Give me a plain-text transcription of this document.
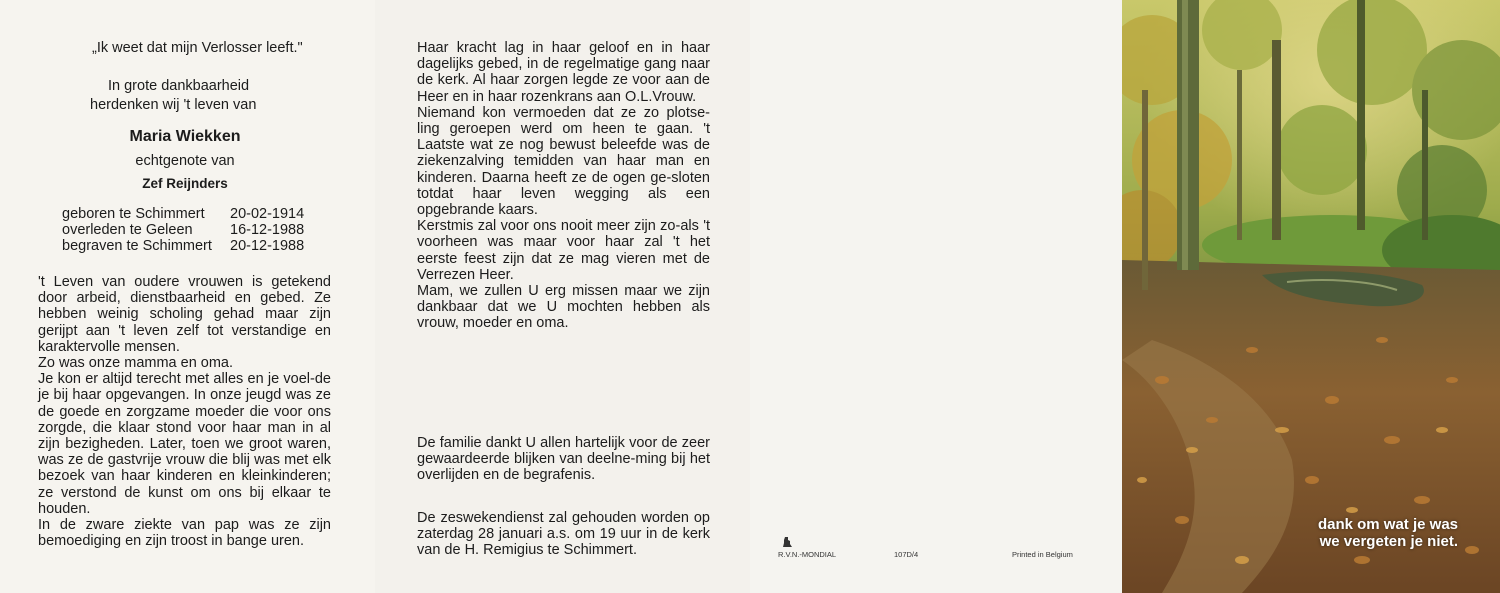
„Ik weet dat mijn Verlosser leeft."
In grote dankbaarheid
herdenken wij 't leven van
Maria Wiekken
echtgenote van
Zef Reijnders
geboren te Schimmert 20-02-1914
overleden te Geleen	16-12-1988
begraven te Schimmert 20-12-1988
't Leven van oudere vrouwen is getekend door arbeid, dienstbaarheid en gebed. Ze hebben weinig scholing gehad maar zijn gerijpt aan 't leven zelf tot verstandige en karaktervolle mensen.
Zo was onze mamma en oma.
Je kon er altijd terecht met alles en je voel-de je bij haar opgevangen. In onze jeugd was ze de goede en zorgzame moeder die voor ons zorgde, die klaar stond voor haar man in al zijn bezigheden. Later, toen we groot waren, was ze de gastvrije vrouw die blij was met elk bezoek van haar kinderen en kleinkinderen; ze verstond de kunst om ons bij elkaar te houden.
In de zware ziekte van pap was ze zijn bemoediging en zijn troost in bange uren.
Haar kracht lag in haar geloof en in haar dagelijks gebed, in de regelmatige gang naar de kerk. Al haar zorgen legde ze voor aan de Heer en in haar rozenkrans aan O.L.Vrouw.
Niemand kon vermoeden dat ze zo plotse-ling geroepen werd om heen te gaan. 't Laatste wat ze nog bewust beleefde was de ziekenzalving temidden van haar man en kinderen. Daarna heeft ze de ogen ge-sloten totdat haar leven wegging als een opgebrande kaars.
Kerstmis zal voor ons nooit meer zijn zo-als 't voorheen was maar voor haar zal 't het eerste feest zijn dat ze mag vieren met de Verrezen Heer.
Mam, we zullen U erg missen maar we zijn dankbaar dat we U mochten hebben als vrouw, moeder en oma.
De familie dankt U allen hartelijk voor de zeer gewaardeerde blijken van deelne-ming bij het overlijden en de begrafenis.
De zeswekendienst zal gehouden worden op zaterdag 28 januari a.s. om 19 uur in de kerk van de H. Remigius te Schimmert.	R.V.N.-MONDIAL	107D/4	Printed in Belgium
dank om wat je was
we vergeten je niet.
